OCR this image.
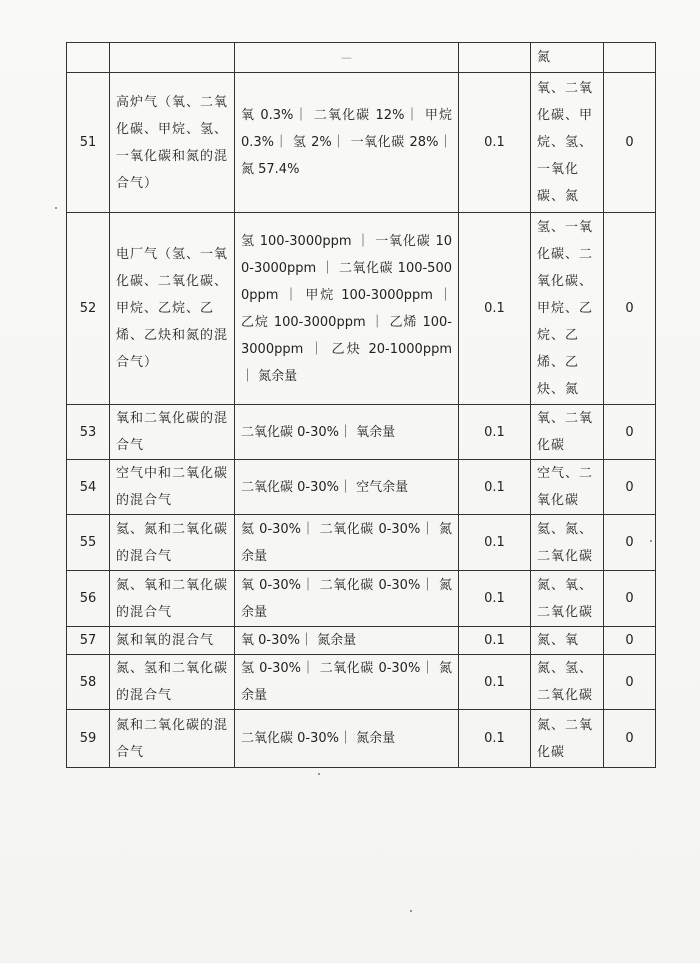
		—		氮	
51	高炉气（氧、二氧化碳、甲烷、氢、一氧化碳和氮的混合气）	氧 0.3%｜ 二氧化碳 12%｜ 甲烷 0.3%｜ 氢 2%｜ 一氧化碳 28%｜ 氮 57.4%	0.1	氧、二氧化碳、甲烷、氢、一氧化碳、氮	0
52	电厂气（氢、一氧化碳、二氧化碳、甲烷、乙烷、乙烯、乙炔和氮的混合气）	氢 100-3000ppm ｜ 一氧化碳 100-3000ppm ｜ 二氧化碳 100-5000ppm ｜ 甲烷 100-3000ppm ｜ 乙烷 100-3000ppm ｜ 乙烯 100-3000ppm ｜ 乙炔 20-1000ppm ｜ 氮余量	0.1	氢、一氧化碳、二氧化碳、甲烷、乙烷、乙烯、乙炔、氮	0
53	氧和二氧化碳的混合气	二氧化碳 0-30%｜ 氧余量	0.1	氧、二氧化碳	0
54	空气中和二氧化碳的混合气	二氧化碳 0-30%｜ 空气余量	0.1	空气、二氧化碳	0
55	氦、氮和二氧化碳的混合气	氦 0-30%｜ 二氧化碳 0-30%｜ 氮余量	0.1	氦、氮、二氧化碳	0
56	氮、氧和二氧化碳的混合气	氧 0-30%｜ 二氧化碳 0-30%｜ 氮余量	0.1	氮、氧、二氧化碳	0
57	氮和氧的混合气	氧 0-30%｜ 氮余量	0.1	氮、氧	0
58	氮、氢和二氧化碳的混合气	氢 0-30%｜ 二氧化碳 0-30%｜ 氮余量	0.1	氮、氢、二氧化碳	0
59	氮和二氧化碳的混合气	二氧化碳 0-30%｜ 氮余量	0.1	氮、二氧化碳	0
